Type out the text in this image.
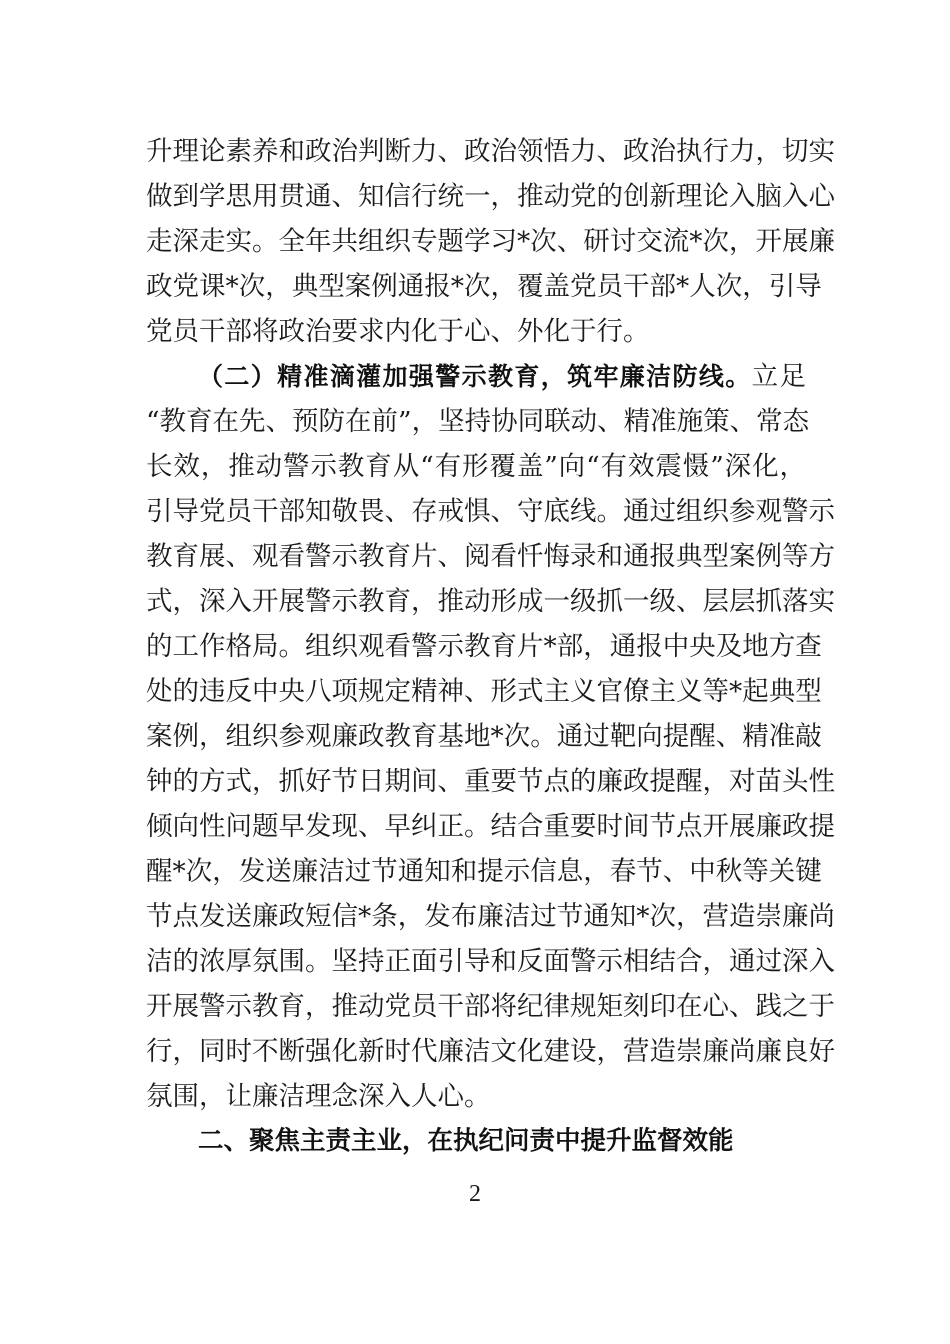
升理论素养和政治判断力、政治领悟力、政治执行力，切实
做到学思用贯通、知信行统一，推动党的创新理论入脑入心
走深走实。全年共组织专题学习*次、研讨交流*次，开展廉
政党课*次，典型案例通报*次，覆盖党员干部*人次，引导
党员干部将政治要求内化于心、外化于行。
（二）精准滴灌加强警示教育，筑牢廉洁防线。立足
“教育在先、预防在前”，坚持协同联动、精准施策、常态
长效，推动警示教育从“有形覆盖”向“有效震慑”深化，
引导党员干部知敬畏、存戒惧、守底线。通过组织参观警示
教育展、观看警示教育片、阅看忏悔录和通报典型案例等方
式，深入开展警示教育，推动形成一级抓一级、层层抓落实
的工作格局。组织观看警示教育片*部，通报中央及地方查
处的违反中央八项规定精神、形式主义官僚主义等*起典型
案例，组织参观廉政教育基地*次。通过靶向提醒、精准敲
钟的方式，抓好节日期间、重要节点的廉政提醒，对苗头性
倾向性问题早发现、早纠正。结合重要时间节点开展廉政提
醒*次，发送廉洁过节通知和提示信息，春节、中秋等关键
节点发送廉政短信*条，发布廉洁过节通知*次，营造崇廉尚
洁的浓厚氛围。坚持正面引导和反面警示相结合，通过深入
开展警示教育，推动党员干部将纪律规矩刻印在心、践之于
行，同时不断强化新时代廉洁文化建设，营造崇廉尚廉良好
氛围，让廉洁理念深入人心。
二、聚焦主责主业，在执纪问责中提升监督效能
2
